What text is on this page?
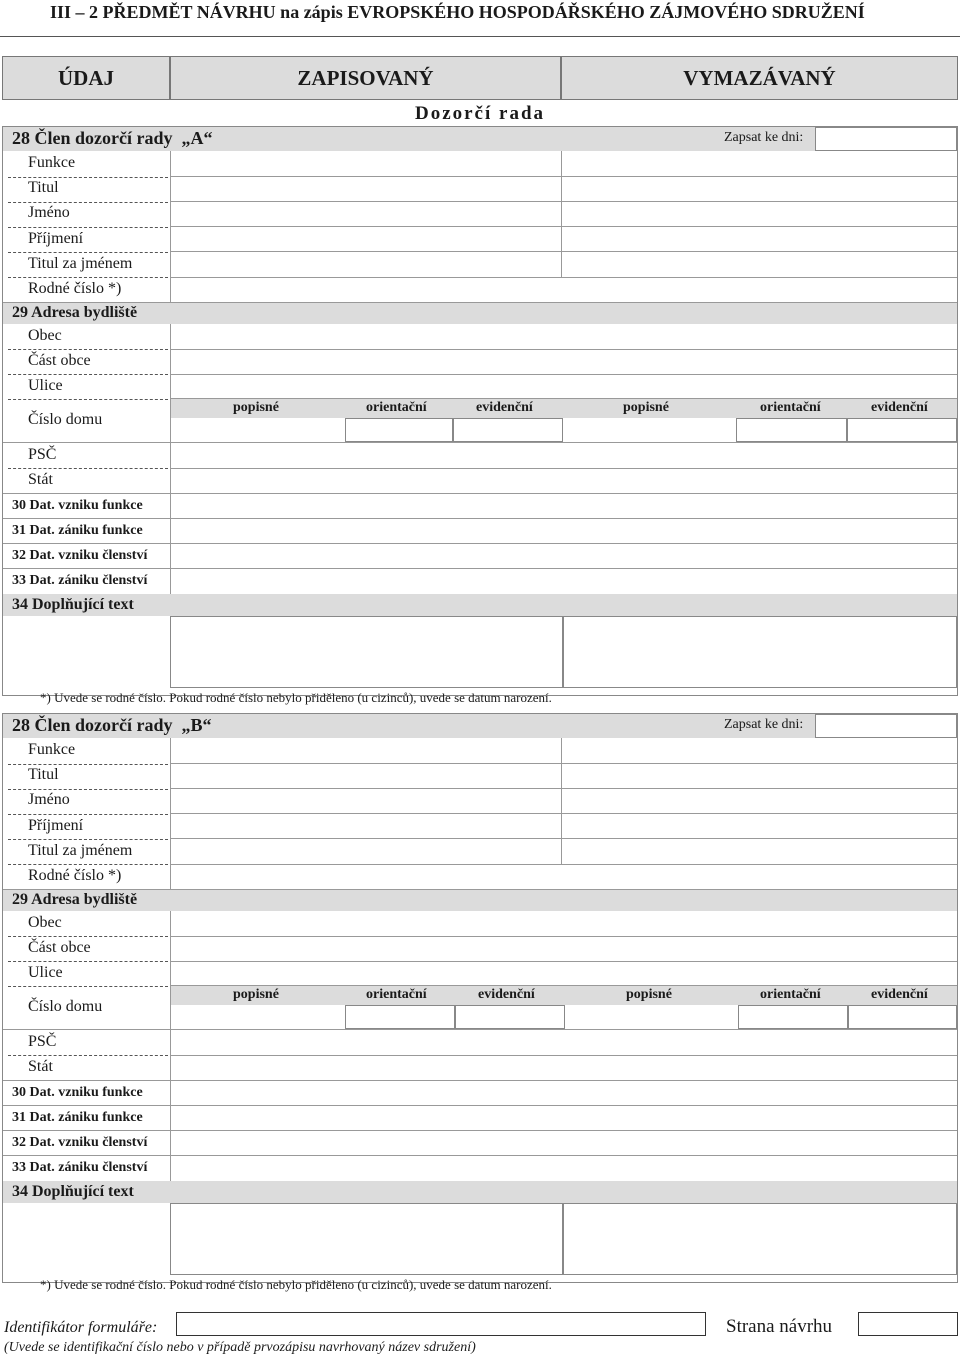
III – 2 PŘEDMĚT NÁVRHU na zápis EVROPSKÉHO HOSPODÁŘSKÉHO ZÁJMOVÉHO SDRUŽENÍ
ÚDAJ	ZAPISOVANÝ	VYMAZÁVANÝ
Dozorčí rada
28 Člen dozorčí rady „A“	Zapsat ke dni:
Funkce
Titul
Jméno
Příjmení
Titul za jménem
Rodné číslo *)
29 Adresa bydliště
Obec
Část obce
Ulice
Číslo domu
popisné	orientační	evidenční	popisné	orientační	evidenční
PSČ
Stát
30 Dat. vzniku funkce
31 Dat. zániku funkce
32 Dat. vzniku členství
33 Dat. zániku členství
34 Doplňující text
*) Uvede se rodné číslo. Pokud rodné číslo nebylo přiděleno (u cizinců), uvede se datum narození.
28 Člen dozorčí rady „B“	Zapsat ke dni:
Funkce
Titul
Jméno
Příjmení
Titul za jménem
Rodné číslo *)
29 Adresa bydliště
Obec
Část obce
Ulice
Číslo domu
popisné	orientační	evidenční	popisné	orientační	evidenční
PSČ
Stát
30 Dat. vzniku funkce
31 Dat. zániku funkce
32 Dat. vzniku členství
33 Dat. zániku členství
34 Doplňující text
*) Uvede se rodné číslo. Pokud rodné číslo nebylo přiděleno (u cizinců), uvede se datum narození.
Identifikátor formuláře:	Strana návrhu
(Uvede se identifikační číslo nebo v případě prvozápisu navrhovaný název sdružení)
